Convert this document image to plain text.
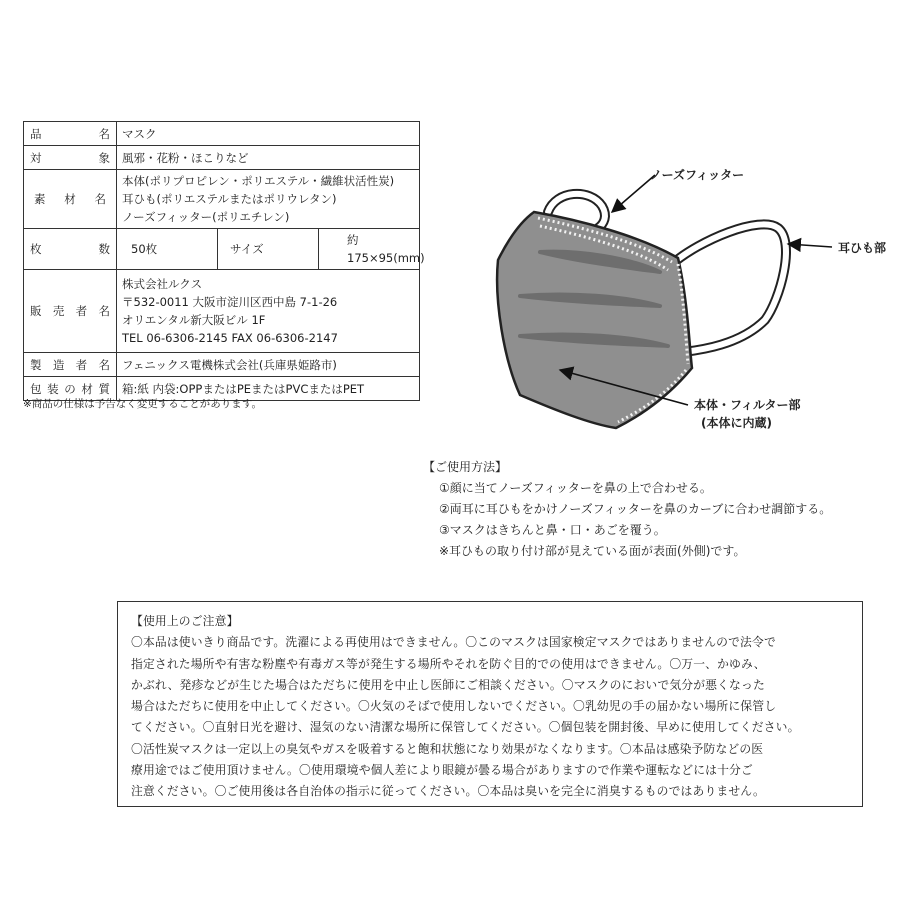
品 名	マスク		

対 象	風邪・花粉・ほこりなど		

素 材 名	本体(ポリプロピレン・ポリエステル・繊維状活性炭)
耳ひも(ポリエステルまたはポリウレタン)
ノーズフィッター(ポリエチレン)		

枚 数	50枚	サイズ	約175×95(mm)

販 売 者 名	株式会社ルクス
〒532-0011 大阪市淀川区西中島 7-1-26
オリエンタル新大阪ビル 1F
TEL 06-6306-2145 FAX 06-6306-2147		

製 造 者 名	フェニックス電機株式会社(兵庫県姫路市)		

包 装 の 材 質	箱:紙 内袋:OPPまたはPEまたはPVCまたはPET		
※商品の仕様は予告なく変更することがあります。
ノーズフィッター
耳ひも部
本体・フィルター部
(本体に内蔵)
【ご使用方法】
①顔に当てノーズフィッターを鼻の上で合わせる。
②両耳に耳ひもをかけノーズフィッターを鼻のカーブに合わせ調節する。
③マスクはきちんと鼻・口・あごを覆う。
※耳ひもの取り付け部が見えている面が表面(外側)です。
【使用上のご注意】
〇本品は使いきり商品です。洗濯による再使用はできません。〇このマスクは国家検定マスクではありませんので法令で
指定された場所や有害な粉塵や有毒ガス等が発生する場所やそれを防ぐ目的での使用はできません。〇万一、かゆみ、
かぶれ、発疹などが生じた場合はただちに使用を中止し医師にご相談ください。〇マスクのにおいで気分が悪くなった
場合はただちに使用を中止してください。〇火気のそばで使用しないでください。〇乳幼児の手の届かない場所に保管し
てください。〇直射日光を避け、湿気のない清潔な場所に保管してください。〇個包装を開封後、早めに使用してください。
〇活性炭マスクは一定以上の臭気やガスを吸着すると飽和状態になり効果がなくなります。〇本品は感染予防などの医
療用途ではご使用頂けません。〇使用環境や個人差により眼鏡が曇る場合がありますので作業や運転などには十分ご
注意ください。〇ご使用後は各自治体の指示に従ってください。〇本品は臭いを完全に消臭するものではありません。
